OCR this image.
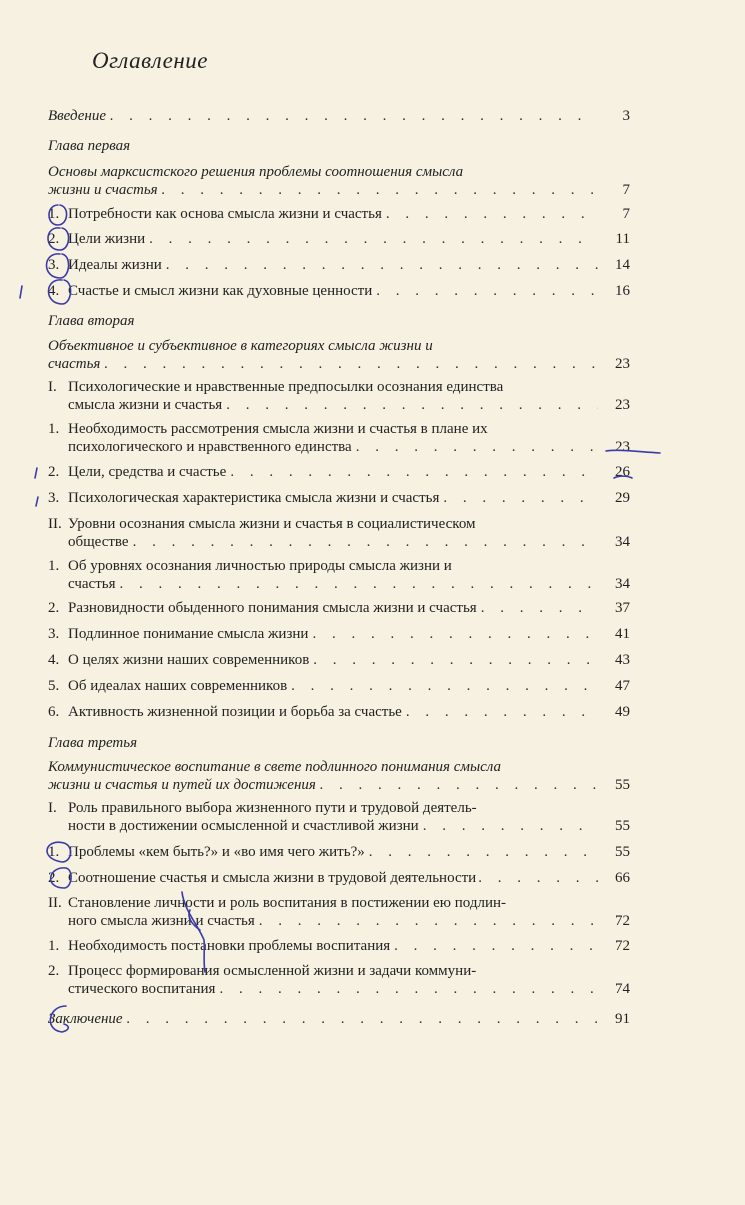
Оглавление
Введение . . .	3
Глава первая
Основы марксистского решения проблемы соотношения смысла
жизни и счастья . . .	7
1. Потребности как основа смысла жизни и счастья . . .	7
2. Цели жизни . . .	11
3. Идеалы жизни . . .	14
4. Счастье и смысл жизни как духовные ценности . . .	16
Глава вторая
Объективное и субъективное в категориях смысла жизни и
счастья . . .	23
I. Психологические и нравственные предпосылки осознания единства
смысла жизни и счастья . . .	23
1. Необходимость рассмотрения смысла жизни и счастья в плане их
психологического и нравственного единства . . .	23
2. Цели, средства и счастье . . .	26
3. Психологическая характеристика смысла жизни и счастья . . .	29
II. Уровни осознания смысла жизни и счастья в социалистическом
обществе . . .	34
1. Об уровнях осознания личностью природы смысла жизни и
счастья . . .	34
2. Разновидности обыденного понимания смысла жизни и счастья . . .	37
3. Подлинное понимание смысла жизни . . .	41
4. О целях жизни наших современников . . .	43
5. Об идеалах наших современников . . .	47
6. Активность жизненной позиции и борьба за счастье . . .	49
Глава третья
Коммунистическое воспитание в свете подлинного понимания смысла
жизни и счастья и путей их достижения . . .	55
I. Роль правильного выбора жизненного пути и трудовой деятель-
ности в достижении осмысленной и счастливой жизни . . .	55
1. Проблемы «кем быть?» и «во имя чего жить?» . . .	55
2. Соотношение счастья и смысла жизни в трудовой деятельности . . .	66
II. Становление личности и роль воспитания в постижении ею подлин-
ного смысла жизни и счастья . . .	72
1. Необходимость постановки проблемы воспитания . . .	72
2. Процесс формирования осмысленной жизни и задачи коммуни-
стического воспитания . . .	74
Заключение . . .	91
